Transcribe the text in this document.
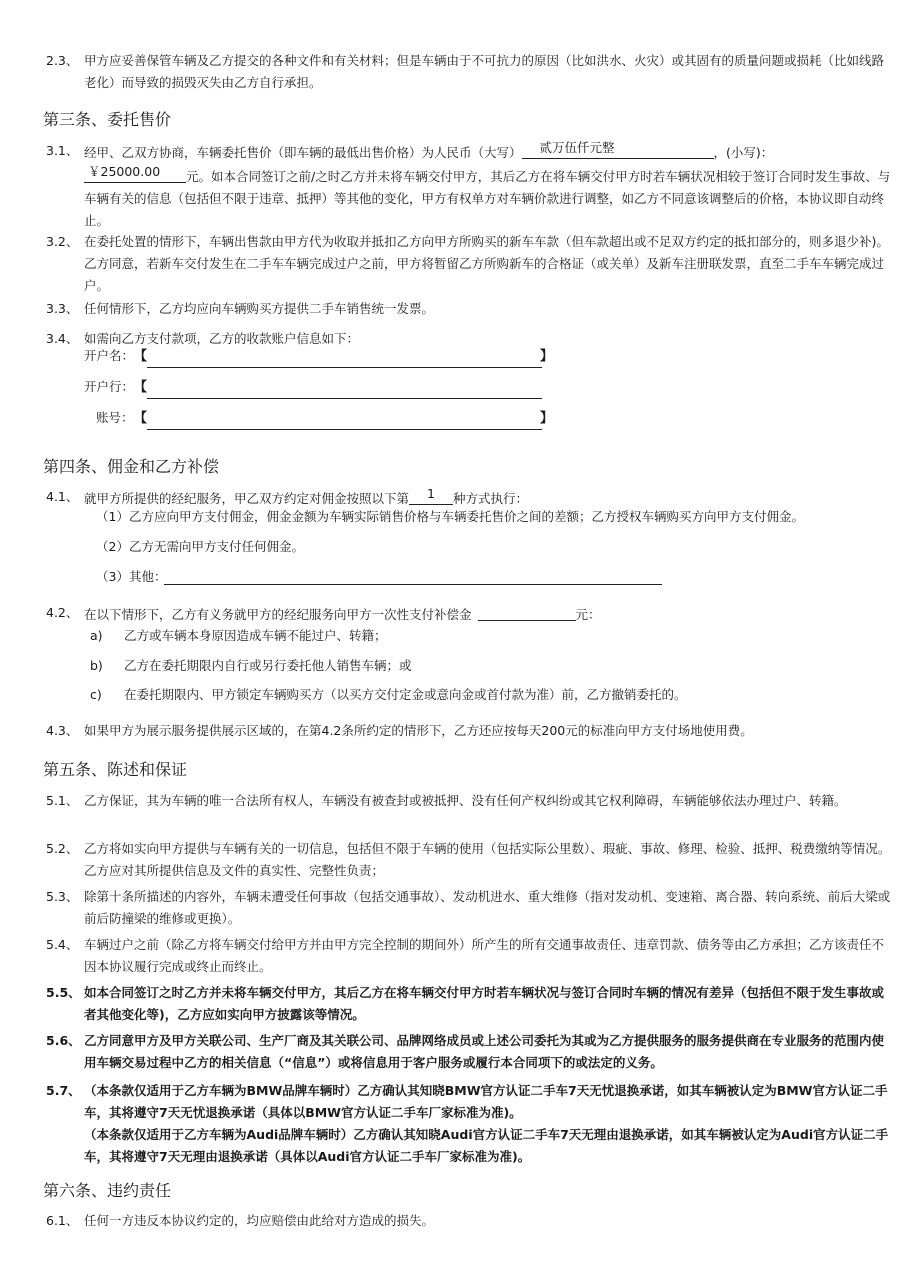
2.3、 甲方应妥善保管车辆及乙方提交的各种文件和有关材料；但是车辆由于不可抗力的原因（比如洪水、火灾）或其固有的质量问题或损耗（比如线路老化）而导致的损毁灭失由乙方自行承担。
第三条、委托售价
3.1、 经甲、乙双方协商，车辆委托售价（即车辆的最低出售价格）为人民币（大写） 贰万伍仟元整	，(小写)：

￥25000.00 元。如本合同签订之前/之时乙方并未将车辆交付甲方，其后乙方在将车辆交付甲方时若车辆状况相较于签订合同时发生事故、与车辆有关的信息（包括但不限于违章、抵押）等其他的变化，甲方有权单方对车辆价款进行调整，如乙方不同意该调整后的价格，本协议即自动终止。
3.2、 在委托处置的情形下，车辆出售款由甲方代为收取并抵扣乙方向甲方所购买的新车车款（但车款超出或不足双方约定的抵扣部分的，则多退少补)。乙方同意，若新车交付发生在二手车车辆完成过户之前，甲方将暂留乙方所购新车的合格证（或关单）及新车注册联发票，直至二手车车辆完成过户。
3.3、 任何情形下，乙方均应向车辆购买方提供二手车销售统一发票。
3.4、 如需向乙方支付款项，乙方的收款账户信息如下：
开户名： 【	】
开户行： 【
账号： 【	】
第四条、佣金和乙方补偿
4.1、 就甲方所提供的经纪服务，甲乙双方约定对佣金按照以下第 1 种方式执行：
（1）乙方应向甲方支付佣金，佣金金额为车辆实际销售价格与车辆委托售价之间的差额；乙方授权车辆购买方向甲方支付佣金。
（2）乙方无需向甲方支付任何佣金。
（3）其他：
4.2、 在以下情形下，乙方有义务就甲方的经纪服务向甲方一次性支付补偿金	元：
a) 乙方或车辆本身原因造成车辆不能过户、转籍；
b) 乙方在委托期限内自行或另行委托他人销售车辆；或
c) 在委托期限内、甲方锁定车辆购买方（以买方交付定金或意向金或首付款为准）前，乙方撤销委托的。
4.3、 如果甲方为展示服务提供展示区域的，在第4.2条所约定的情形下，乙方还应按每天200元的标准向甲方支付场地使用费。
第五条、陈述和保证
5.1、 乙方保证，其为车辆的唯一合法所有权人，车辆没有被查封或被抵押、没有任何产权纠纷或其它权利障碍，车辆能够依法办理过户、转籍。
5.2、 乙方将如实向甲方提供与车辆有关的一切信息，包括但不限于车辆的使用（包括实际公里数）、瑕疵、事故、修理、检验、抵押、税费缴纳等情况。乙方应对其所提供信息及文件的真实性、完整性负责；
5.3、 除第十条所描述的内容外，车辆未遭受任何事故（包括交通事故）、发动机进水、重大维修（指对发动机、变速箱、离合器、转向系统、前后大梁或前后防撞梁的维修或更换）。
5.4、 车辆过户之前（除乙方将车辆交付给甲方并由甲方完全控制的期间外）所产生的所有交通事故责任、违章罚款、债务等由乙方承担；乙方该责任不因本协议履行完成或终止而终止。
5.5、 如本合同签订之时乙方并未将车辆交付甲方，其后乙方在将车辆交付甲方时若车辆状况与签订合同时车辆的情况有差异（包括但不限于发生事故或者其他变化等)，乙方应如实向甲方披露该等情况。
5.6、 乙方同意甲方及甲方关联公司、生产厂商及其关联公司、品牌网络成员或上述公司委托为其或为乙方提供服务的服务提供商在专业服务的范围内使用车辆交易过程中乙方的相关信息（“信息”）或将信息用于客户服务或履行本合同项下的或法定的义务。
5.7、 （本条款仅适用于乙方车辆为BMW品牌车辆时）乙方确认其知晓BMW官方认证二手车7天无忧退换承诺，如其车辆被认定为BMW官方认证二手车，其将遵守7天无忧退换承诺（具体以BMW官方认证二手车厂家标准为准)。
（本条款仅适用于乙方车辆为Audi品牌车辆时）乙方确认其知晓Audi官方认证二手车7天无理由退换承诺，如其车辆被认定为Audi官方认证二手车，其将遵守7天无理由退换承诺（具体以Audi官方认证二手车厂家标准为准)。
第六条、违约责任
6.1、 任何一方违反本协议约定的，均应赔偿由此给对方造成的损失。
